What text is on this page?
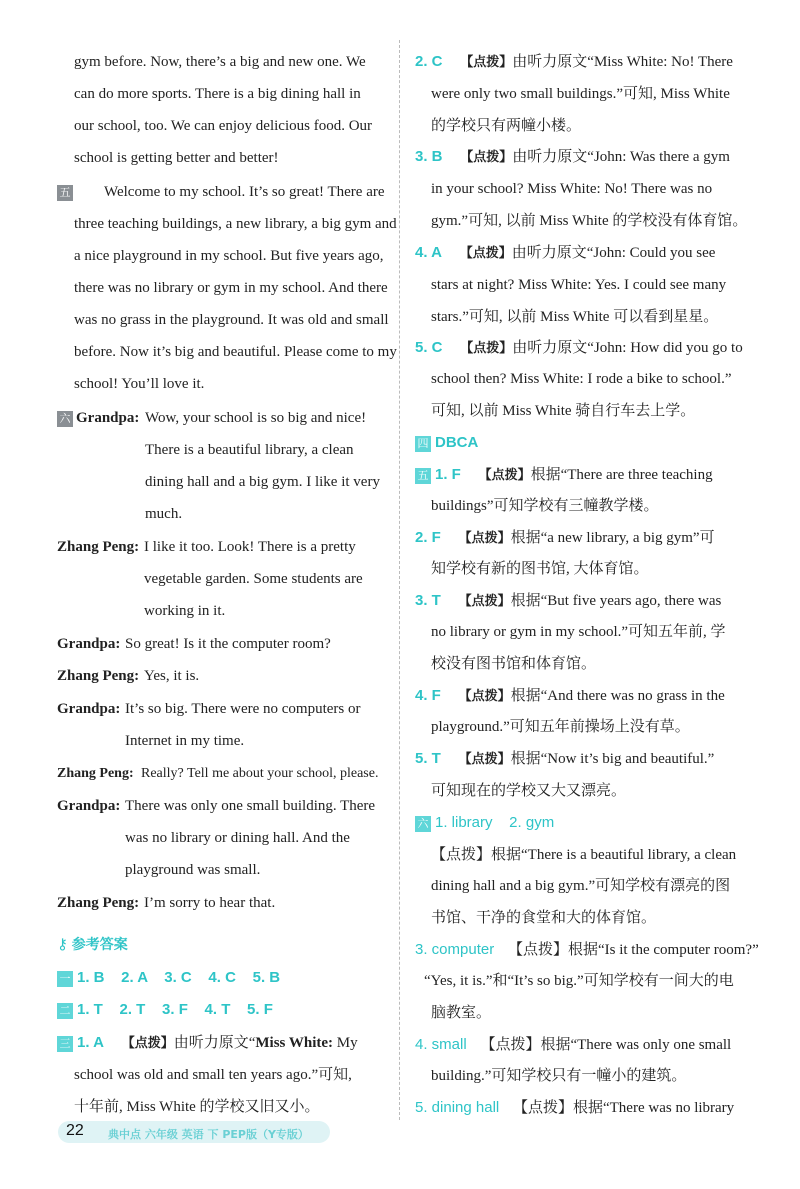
gym before. Now, there’s a big and new one. We
can do more sports. There is a big dining hall in
our school, too. We can enjoy delicious food. Our
school is getting better and better!
五	Welcome to my school. It’s so great! There are
three teaching buildings, a new library, a big gym and
a nice playground in my school. But five years ago,
there was no library or gym in my school. And there
was no grass in the playground. It was old and small
before. Now it’s big and beautiful. Please come to my
school! You’ll love it.
六 Grandpa: Wow, your school is so big and nice!
There is a beautiful library, a clean
dining hall and a big gym. I like it very
much.
Zhang Peng: I like it too. Look! There is a pretty
vegetable garden. Some students are
working in it.
Grandpa: So great! Is it the computer room?
Zhang Peng: Yes, it is.
Grandpa: It’s so big. There were no computers or
Internet in my time.
Zhang Peng: Really? Tell me about your school, please.
Grandpa: There was only one small building. There
was no library or dining hall. And the
playground was small.
Zhang Peng: I’m sorry to hear that.
⚷ 参考答案
一 1. B    2. A    3. C    4. C    5. B
二 1. T    2. T    3. F    4. T    5. F
三 1. A 【点拨】由听力原文“Miss White: My
school was old and small ten years ago.”可知,
十年前, Miss White 的学校又旧又小。
2. C 【点拨】由听力原文“Miss White: No! There
were only two small buildings.”可知, Miss White
的学校只有两幢小楼。
3. B 【点拨】由听力原文“John: Was there a gym
in your school? Miss White: No! There was no
gym.”可知, 以前 Miss White 的学校没有体育馆。
4. A 【点拨】由听力原文“John: Could you see
stars at night? Miss White: Yes. I could see many
stars.”可知, 以前 Miss White 可以看到星星。
5. C 【点拨】由听力原文“John: How did you go to
school then? Miss White: I rode a bike to school.”
可知, 以前 Miss White 骑自行车去上学。
四 DBCA
五 1. F 【点拨】根据“There are three teaching
buildings”可知学校有三幢教学楼。
2. F 【点拨】根据“a new library, a big gym”可
知学校有新的图书馆, 大体育馆。
3. T 【点拨】根据“But five years ago, there was
no library or gym in my school.”可知五年前, 学
校没有图书馆和体育馆。
4. F 【点拨】根据“And there was no grass in the
playground.”可知五年前操场上没有草。
5. T 【点拨】根据“Now it’s big and beautiful.”
可知现在的学校又大又漂亮。
六 1. library    2. gym
【点拨】根据“There is a beautiful library, a clean
dining hall and a big gym.”可知学校有漂亮的图
书馆、干净的食堂和大的体育馆。
3. computer 【点拨】根据“Is it the computer room?”
“Yes, it is.”和“It’s so big.”可知学校有一间大的电
脑教室。
4. small 【点拨】根据“There was only one small
building.”可知学校只有一幢小的建筑。
5. dining hall 【点拨】根据“There was no library
22 典中点 六年级 英语 下 PEP版（Y专版）
